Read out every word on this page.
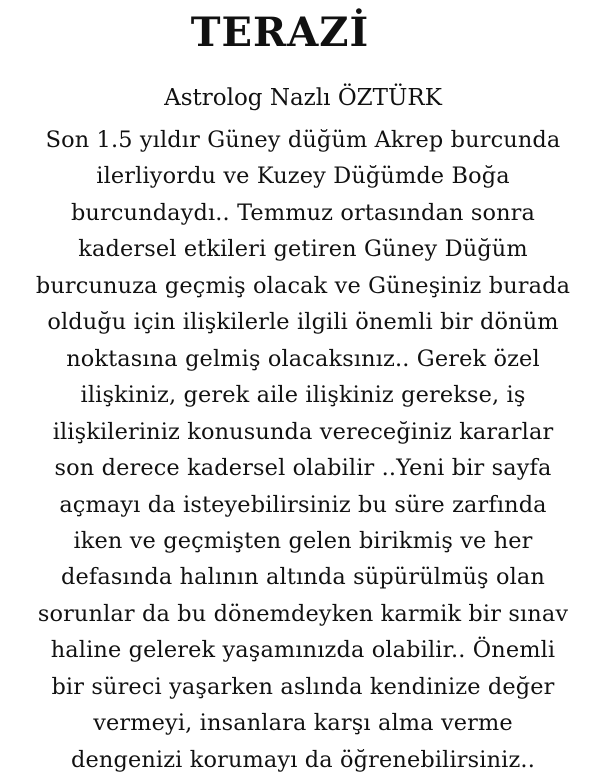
TERAZİ

Astrolog Nazlı ÖZTÜRK

Son 1.5 yıldır Güney düğüm Akrep burcunda
ilerliyordu ve Kuzey Düğümde Boğa
burcundaydı.. Temmuz ortasından sonra
kadersel etkileri getiren Güney Düğüm
burcunuza geçmiş olacak ve Güneşiniz burada
olduğu için ilişkilerle ilgili önemli bir dönüm
noktasına gelmiş olacaksınız.. Gerek özel
ilişkiniz, gerek aile ilişkiniz gerekse, iş
ilişkileriniz konusunda vereceğiniz kararlar
son derece kadersel olabilir ..Yeni bir sayfa
açmayı da isteyebilirsiniz bu süre zarfında
iken ve geçmişten gelen birikmiş ve her
defasında halının altında süpürülmüş olan
sorunlar da bu dönemdeyken karmik bir sınav
haline gelerek yaşamınızda olabilir.. Önemli
bir süreci yaşarken aslında kendinize değer
vermeyi, insanlara karşı alma verme
dengenizi korumayı da öğrenebilirsiniz..
